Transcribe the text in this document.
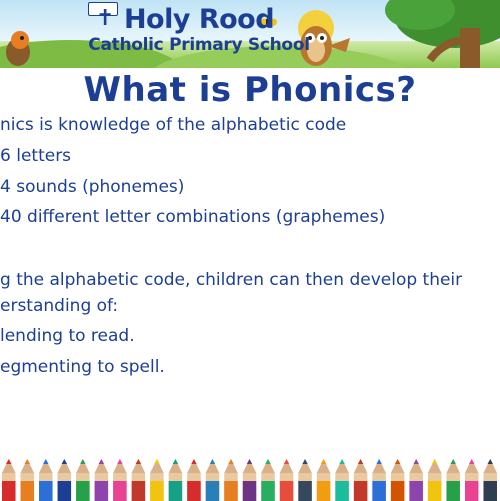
✝ Holy Rood
Catholic Primary School
What is Phonics?
nics is knowledge of the alphabetic code
6 letters
4 sounds (phonemes)
40 different letter combinations (graphemes)
g the alphabetic code, children can then develop their
erstanding of:
lending to read.
egmenting to spell.
